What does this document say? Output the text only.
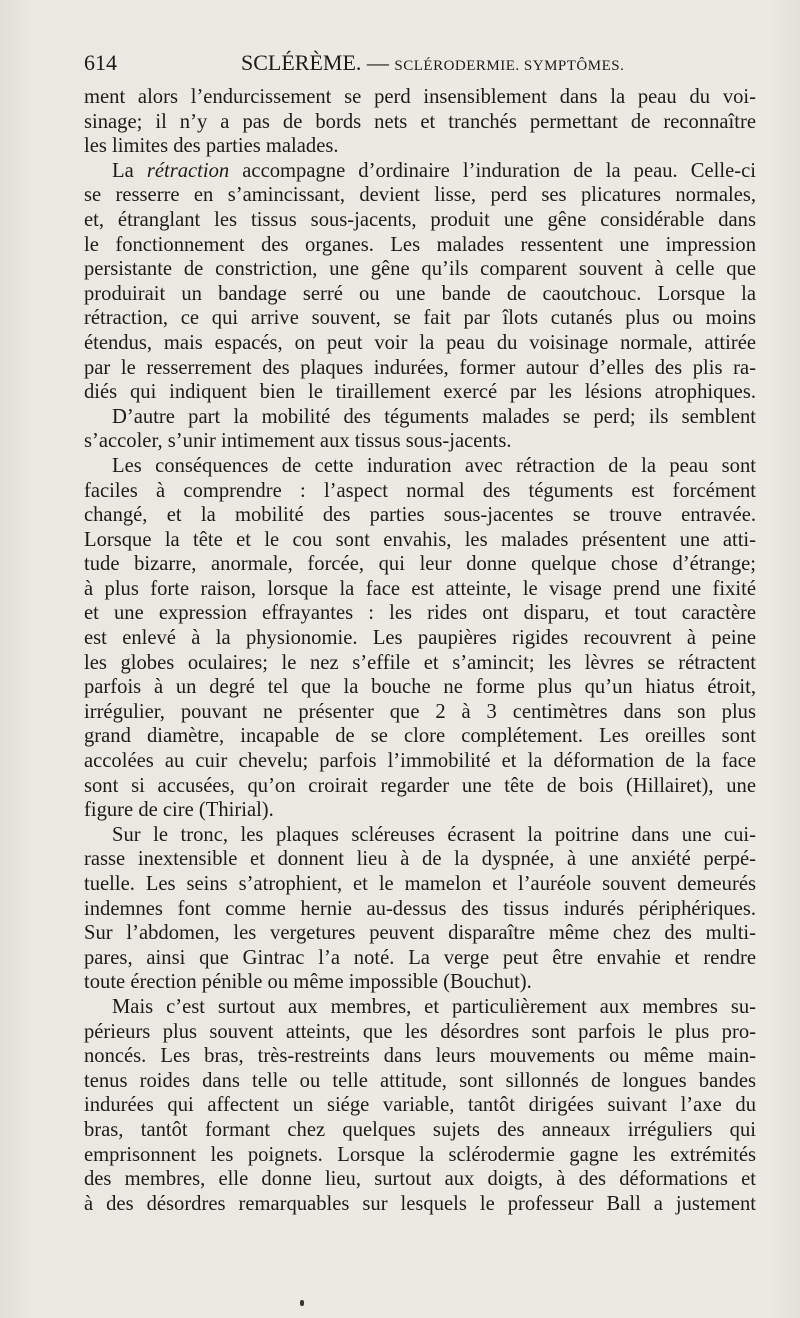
614	SCLÉRÈME. — SCLÉRODERMIE. SYMPTÔMES.
ment alors l’endurcissement se perd insensiblement dans la peau du voi-
sinage; il n’y a pas de bords nets et tranchés permettant de reconnaître
les limites des parties malades.
La rétraction accompagne d’ordinaire l’induration de la peau. Celle-ci
se resserre en s’amincissant, devient lisse, perd ses plicatures normales,
et, étranglant les tissus sous-jacents, produit une gêne considérable dans
le fonctionnement des organes. Les malades ressentent une impression
persistante de constriction, une gêne qu’ils comparent souvent à celle que
produirait un bandage serré ou une bande de caoutchouc. Lorsque la
rétraction, ce qui arrive souvent, se fait par îlots cutanés plus ou moins
étendus, mais espacés, on peut voir la peau du voisinage normale, attirée
par le resserrement des plaques indurées, former autour d’elles des plis ra-
diés qui indiquent bien le tiraillement exercé par les lésions atrophiques.
D’autre part la mobilité des téguments malades se perd; ils semblent
s’accoler, s’unir intimement aux tissus sous-jacents.
Les conséquences de cette induration avec rétraction de la peau sont
faciles à comprendre : l’aspect normal des téguments est forcément
changé, et la mobilité des parties sous-jacentes se trouve entravée.
Lorsque la tête et le cou sont envahis, les malades présentent une atti-
tude bizarre, anormale, forcée, qui leur donne quelque chose d’étrange;
à plus forte raison, lorsque la face est atteinte, le visage prend une fixité
et une expression effrayantes : les rides ont disparu, et tout caractère
est enlevé à la physionomie. Les paupières rigides recouvrent à peine
les globes oculaires; le nez s’effile et s’amincit; les lèvres se rétractent
parfois à un degré tel que la bouche ne forme plus qu’un hiatus étroit,
irrégulier, pouvant ne présenter que 2 à 3 centimètres dans son plus
grand diamètre, incapable de se clore complétement. Les oreilles sont
accolées au cuir chevelu; parfois l’immobilité et la déformation de la face
sont si accusées, qu’on croirait regarder une tête de bois (Hillairet), une
figure de cire (Thirial).
Sur le tronc, les plaques scléreuses écrasent la poitrine dans une cui-
rasse inextensible et donnent lieu à de la dyspnée, à une anxiété perpé-
tuelle. Les seins s’atrophient, et le mamelon et l’auréole souvent demeurés
indemnes font comme hernie au-dessus des tissus indurés périphériques.
Sur l’abdomen, les vergetures peuvent disparaître même chez des multi-
pares, ainsi que Gintrac l’a noté. La verge peut être envahie et rendre
toute érection pénible ou même impossible (Bouchut).
Mais c’est surtout aux membres, et particulièrement aux membres su-
périeurs plus souvent atteints, que les désordres sont parfois le plus pro-
noncés. Les bras, très-restreints dans leurs mouvements ou même main-
tenus roides dans telle ou telle attitude, sont sillonnés de longues bandes
indurées qui affectent un siége variable, tantôt dirigées suivant l’axe du
bras, tantôt formant chez quelques sujets des anneaux irréguliers qui
emprisonnent les poignets. Lorsque la sclérodermie gagne les extrémités
des membres, elle donne lieu, surtout aux doigts, à des déformations et
à des désordres remarquables sur lesquels le professeur Ball a justement
